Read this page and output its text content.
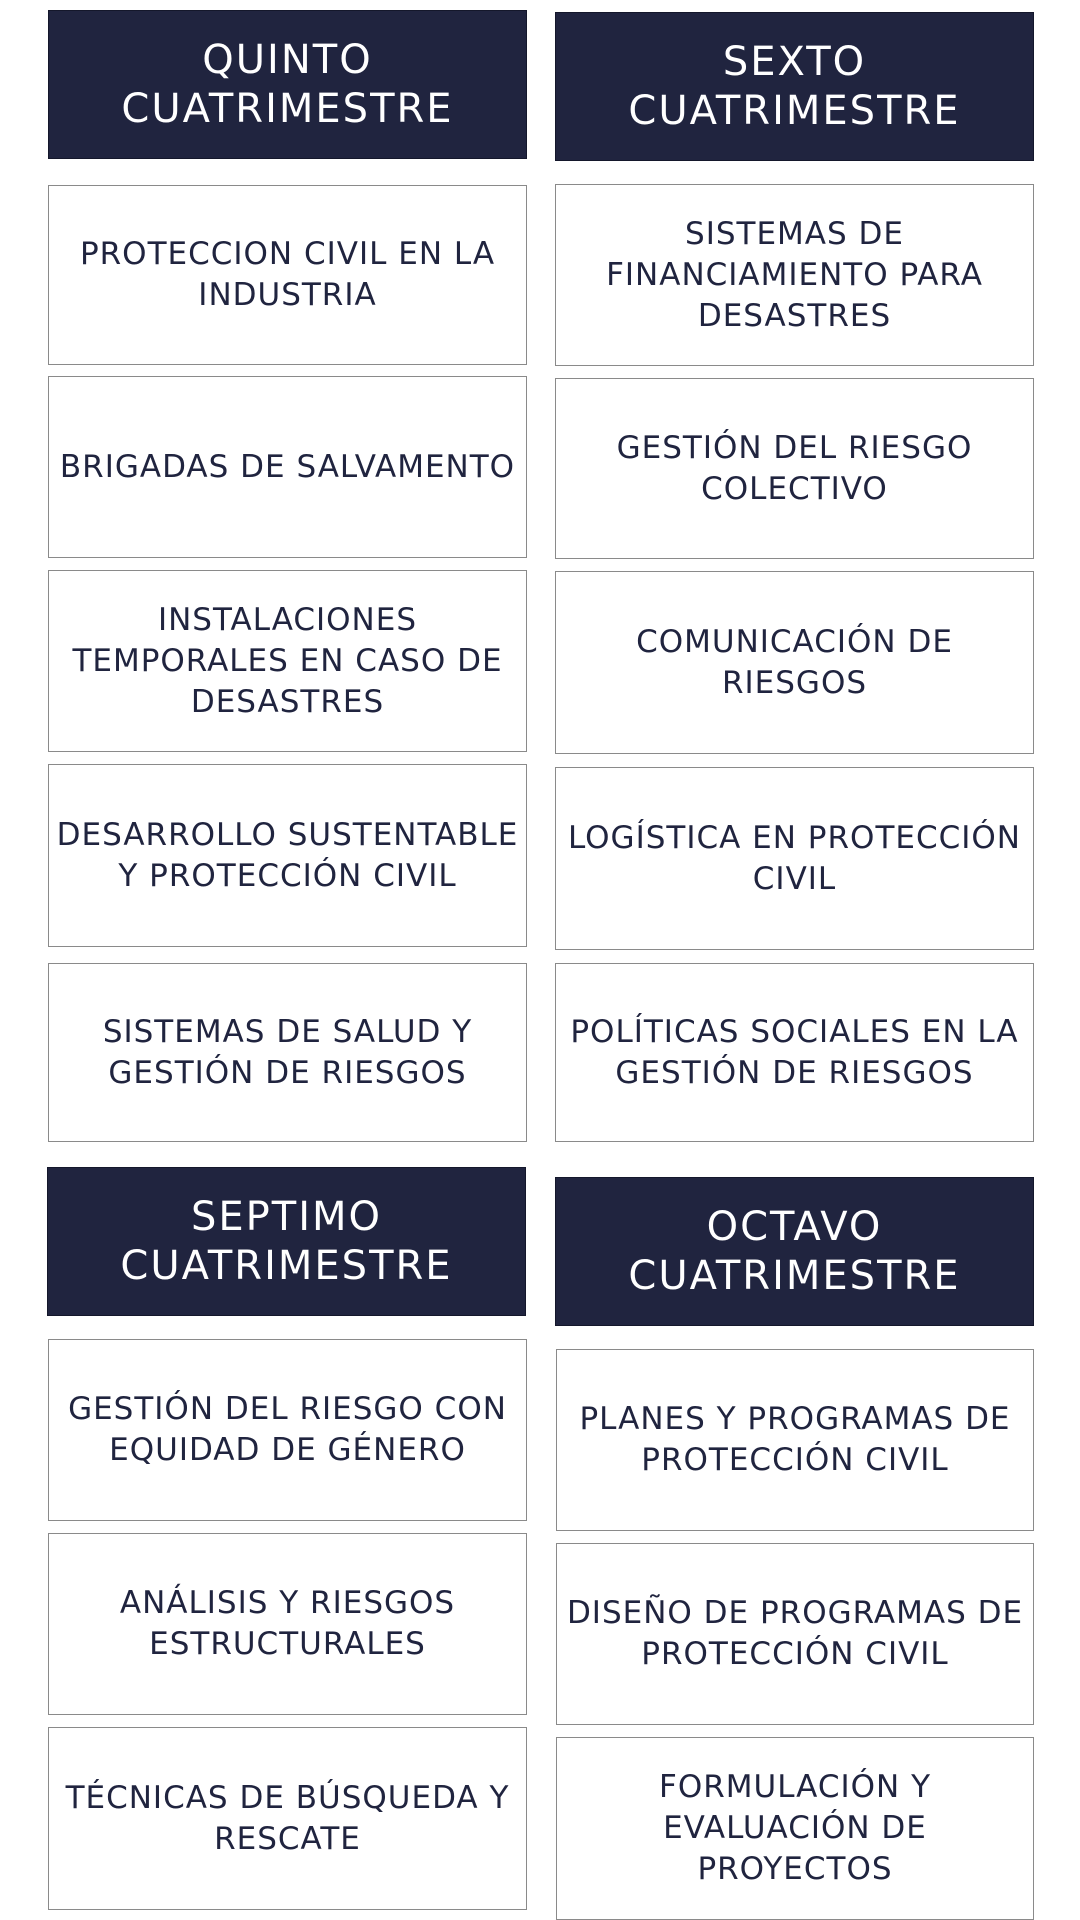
QUINTO CUATRIMESTRE
PROTECCION CIVIL EN LA INDUSTRIA
BRIGADAS DE SALVAMENTO
INSTALACIONES TEMPORALES EN CASO DE DESASTRES
DESARROLLO SUSTENTABLE Y PROTECCIÓN CIVIL
SISTEMAS DE SALUD Y GESTIÓN DE RIESGOS
SEXTO CUATRIMESTRE
SISTEMAS DE FINANCIAMIENTO PARA DESASTRES
GESTIÓN DEL RIESGO COLECTIVO
COMUNICACIÓN DE RIESGOS
LOGÍSTICA EN PROTECCIÓN CIVIL
POLÍTICAS SOCIALES EN LA GESTIÓN DE RIESGOS
SEPTIMO CUATRIMESTRE
GESTIÓN DEL RIESGO CON EQUIDAD DE GÉNERO
ANÁLISIS Y RIESGOS ESTRUCTURALES
TÉCNICAS DE BÚSQUEDA Y RESCATE
OCTAVO CUATRIMESTRE
PLANES Y PROGRAMAS DE PROTECCIÓN CIVIL
DISEÑO DE PROGRAMAS DE PROTECCIÓN CIVIL
FORMULACIÓN Y EVALUACIÓN DE PROYECTOS
